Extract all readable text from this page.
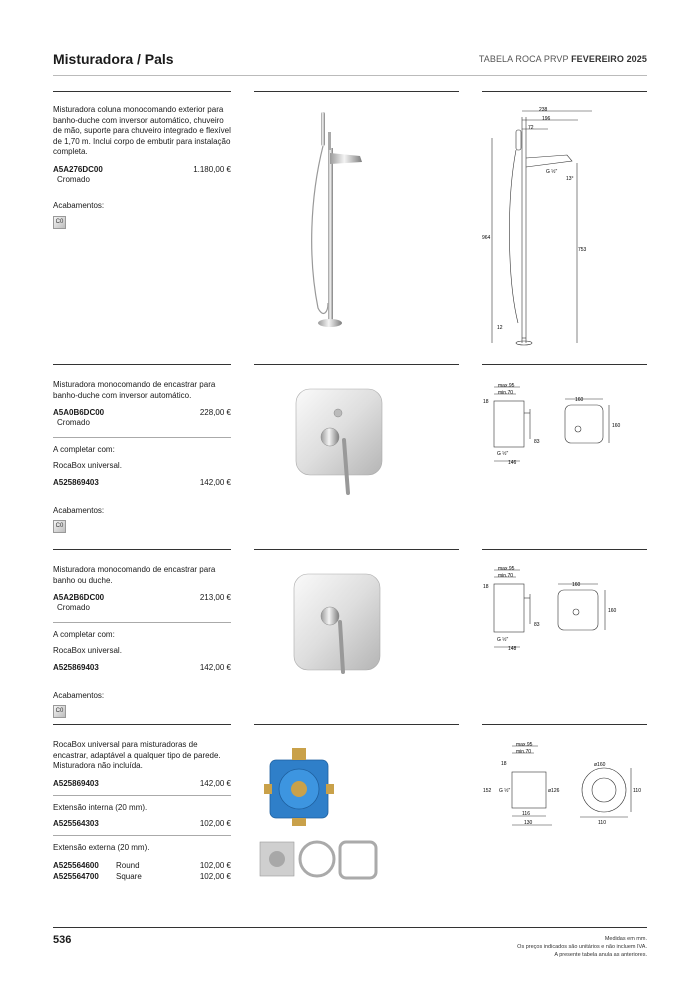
Misturadora / Pals	TABELA ROCA PRVP FEVEREIRO 2025
Misturadora coluna monocomando exterior para banho-duche com inversor automático, chuveiro de mão, suporte para chuveiro integrado e flexível de 1,70 m. Inclui corpo de embutir para instalação completa.
A5A276DC00	1.180,00 €
Cromado
Acabamentos:
C0
238
196
72
G ½"
13°
964
753
12
Misturadora monocomando de encastrar para banho-duche com inversor automático.
A5A0B6DC00	228,00 €
Cromado
A completar com:
RocaBox universal.
A525869403	142,00 €
Acabamentos:
C0
max.95
min.70
18	160
160
83
G ½"
146
Misturadora monocomando de encastrar para banho ou duche.
A5A2B6DC00	213,00 €
Cromado
A completar com:
RocaBox universal.
A525869403	142,00 €
Acabamentos:
C0
max.95
min.70
18	160
160
83
G ½"
148
RocaBox universal para misturadoras de encastrar, adaptável a qualquer tipo de parede. Misturadora não incluída.
A525869403	142,00 €
Extensão interna (20 mm).
A525564303	102,00 €
Extensão externa (20 mm).
A525564600	Round	102,00 €
A525564700	Square	102,00 €
max.95
min.70
18
152 G ½"	ø126
116
130
ø160
110
110
536	Medidas em mm.
Os preços indicados são unitários e não incluem IVA.
A presente tabela anula as anteriores.
